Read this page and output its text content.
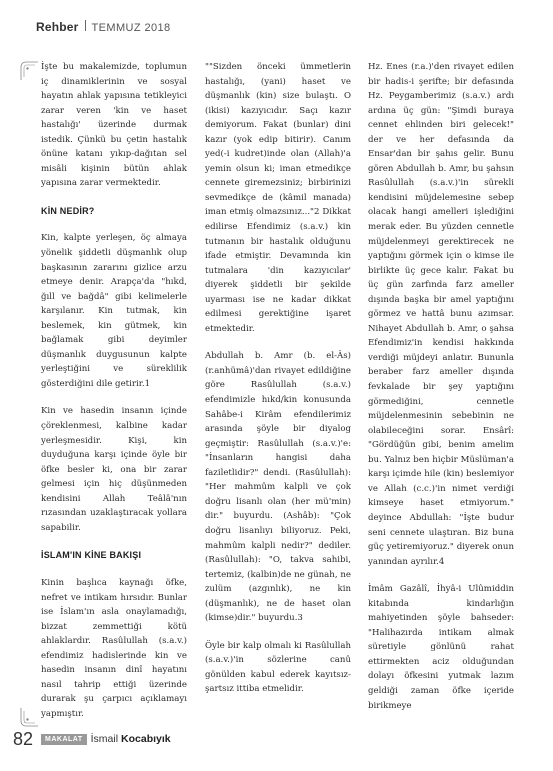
Rehber TEMMUZ 2018

İşte bu makalemizde, toplumun iç dinamiklerinin ve sosyal hayatın ahlak yapısına tetikleyici zarar veren 'kin ve haset hastalığı' üzerinde durmak istedik. Çünkü bu çetin hastalık önüne katanı yıkıp-dağıtan sel misâli kişinin bütün ahlak yapısına zarar vermektedir.

KİN NEDİR?

Kin, kalpte yerleşen, öç almaya yönelik şiddetli düşmanlık olup başkasının zararını gizlice arzu etmeye denir. Arapça'da "hıkd, ğıll ve bağdâ" gibi kelimelerle karşılanır. Kin tutmak, kin beslemek, kin gütmek, kin bağlamak gibi deyimler düşmanlık duygusunun kalpte yerleştiğini ve süreklilik gösterdiğini dile getirir.1

Kin ve hasedin insanın içinde çöreklenmesi, kalbine kadar yerleşmesidir. Kişi, kin duyduğuna karşı içinde öyle bir öfke besler ki, ona bir zarar gelmesi için hiç düşünmeden kendisini Allah Teâlâ'nın rızasından uzaklaştıracak yollara sapabilir.

İSLAM'IN KİNE BAKIŞI

Kinin başlıca kaynağı öfke, nefret ve intikam hırsıdır. Bunlar ise İslam'ın asla onaylamadığı, bizzat zemmettiği kötü ahlaklardır. Rasûlullah (s.a.v.) efendimiz hadislerinde kin ve hasedin insanın dinî hayatını nasıl tahrip ettiği üzerinde durarak şu çarpıcı açıklamayı yapmıştır.

""Sizden önceki ümmetlerin hastalığı, (yani) haset ve düşmanlık (kin) size bulaştı. O (ikisi) kazıyıcıdır. Saçı kazır demiyorum. Fakat (bunlar) dini kazır (yok edip bitirir). Canım yed(-i kudret)inde olan (Allah)'a yemin olsun ki; iman etmedikçe cennete giremezsiniz; birbirinizi sevmedikçe de (kâmil manada) iman etmiş olmazsınız..."2 Dikkat edilirse Efendimiz (s.a.v.) kin tutmanın bir hastalık olduğunu ifade etmiştir. Devamında kin tutmalara 'din kazıyıcılar' diyerek şiddetli bir şekilde uyarması ise ne kadar dikkat edilmesi gerektiğine işaret etmektedir.

Abdullah b. Amr (b. el-Âs) (r.anhümâ)'dan rivayet edildiğine göre Rasûlullah (s.a.v.) efendimizle hıkd/kin konusunda Sahâbe-i Kirâm efendilerimiz arasında şöyle bir diyalog geçmiştir: Rasûlullah (s.a.v.)'e: "İnsanların hangisi daha faziletlidir?" dendi. (Rasûlullah): "Her mahmûm kalpli ve çok doğru lisanlı olan (her mü'min) dir." buyurdu. (Ashâb): "Çok doğru lisanlıyı biliyoruz. Peki, mahmûm kalpli nedir?" dediler. (Rasûlullah): "O, takva sahibi, tertemiz, (kalbin)de ne günah, ne zulüm (azgınlık), ne kin (düşmanlık), ne de haset olan (kimse)dir." buyurdu.3

Öyle bir kalp olmalı ki Rasûlullah (s.a.v.)'in sözlerine canû gönülden kabul ederek kayıtsız-şartsız ittiba etmelidir.

Hz. Enes (r.a.)'den rivayet edilen bir hadis-i şerifte; bir defasında Hz. Peygamberimiz (s.a.v.) ardı ardına üç gün: "Şimdi buraya cennet ehlinden biri gelecek!" der ve her defasında da Ensar'dan bir şahıs gelir. Bunu gören Abdullah b. Amr, bu şahsın Rasûlullah (s.a.v.)'in sürekli kendisini müjdelemesine sebep olacak hangi amelleri işlediğini merak eder. Bu yüzden cennetle müjdelenmeyi gerektirecek ne yaptığını görmek için o kimse ile birlikte üç gece kalır. Fakat bu üç gün zarfında farz ameller dışında başka bir amel yaptığını görmez ve hattâ bunu azımsar. Nihayet Abdullah b. Amr, o şahsa Efendimiz'in kendisi hakkında verdiği müjdeyi anlatır. Bununla beraber farz ameller dışında fevkalade bir şey yaptığını görmediğini, cennetle müjdelenmesinin sebebinin ne olabileceğini sorar. Ensârî: "Gördüğün gibi, benim amelim bu. Yalnız ben hiçbir Müslüman'a karşı içimde hile (kin) beslemiyor ve Allah (c.c.)'in nimet verdiği kimseye haset etmiyorum." deyince Abdullah: "İşte budur seni cennete ulaştıran. Biz buna güç yetiremiyoruz." diyerek onun yanından ayrılır.4

İmâm Gazâlî, İhyâ-i Ulûmiddin kitabında kindarlığın mahiyetinden şöyle bahseder: "Halihazırda intikam almak süretiyle gönlünü rahat ettirmekten aciz olduğundan dolayı öfkesini yutmak lazım geldiği zaman öfke içeride birikmeye

82	MAKALAT İsmail Kocabıyık
